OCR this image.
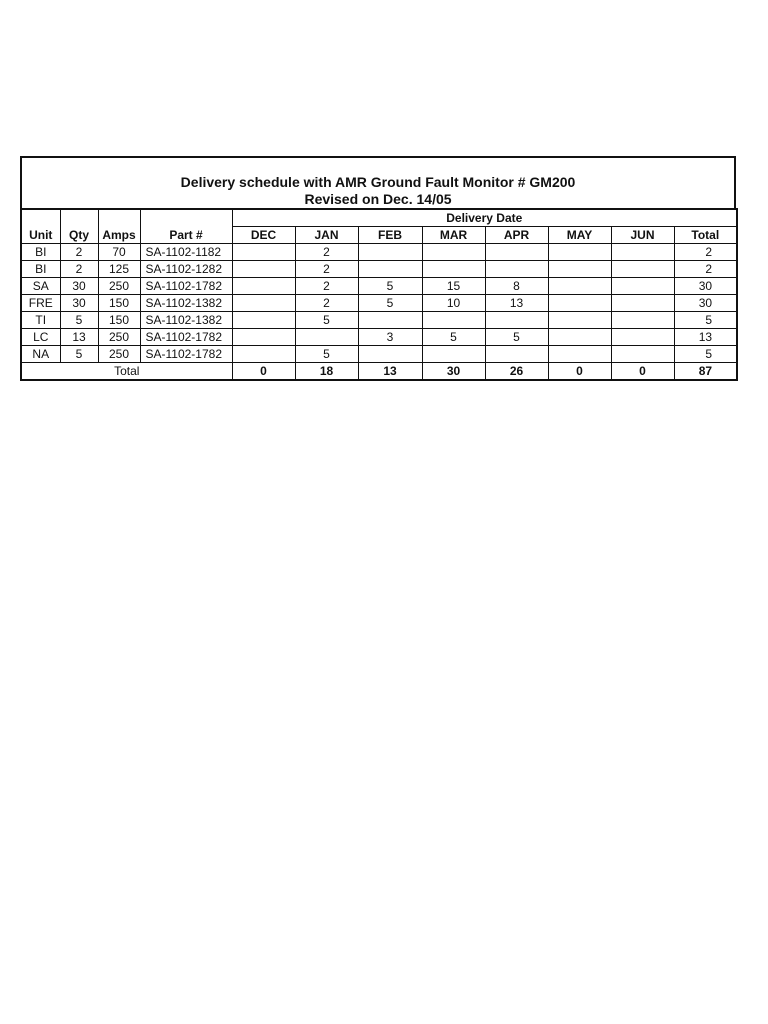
Delivery schedule with AMR Ground Fault Monitor # GM200
Revised on Dec. 14/05
Unit	Qty	Amps	Part #	Delivery Date							
				DEC	JAN	FEB	MAR	APR	MAY	JUN	Total
BI	2	70	SA-1102-1182		2						2
BI	2	125	SA-1102-1282		2						2
SA	30	250	SA-1102-1782		2	5	15	8			30
FRE	30	150	SA-1102-1382		2	5	10	13			30
TI	5	150	SA-1102-1382		5						5
LC	13	250	SA-1102-1782			3	5	5			13
NA	5	250	SA-1102-1782		5						5
Total				0	18	13	30	26	0	0	87
